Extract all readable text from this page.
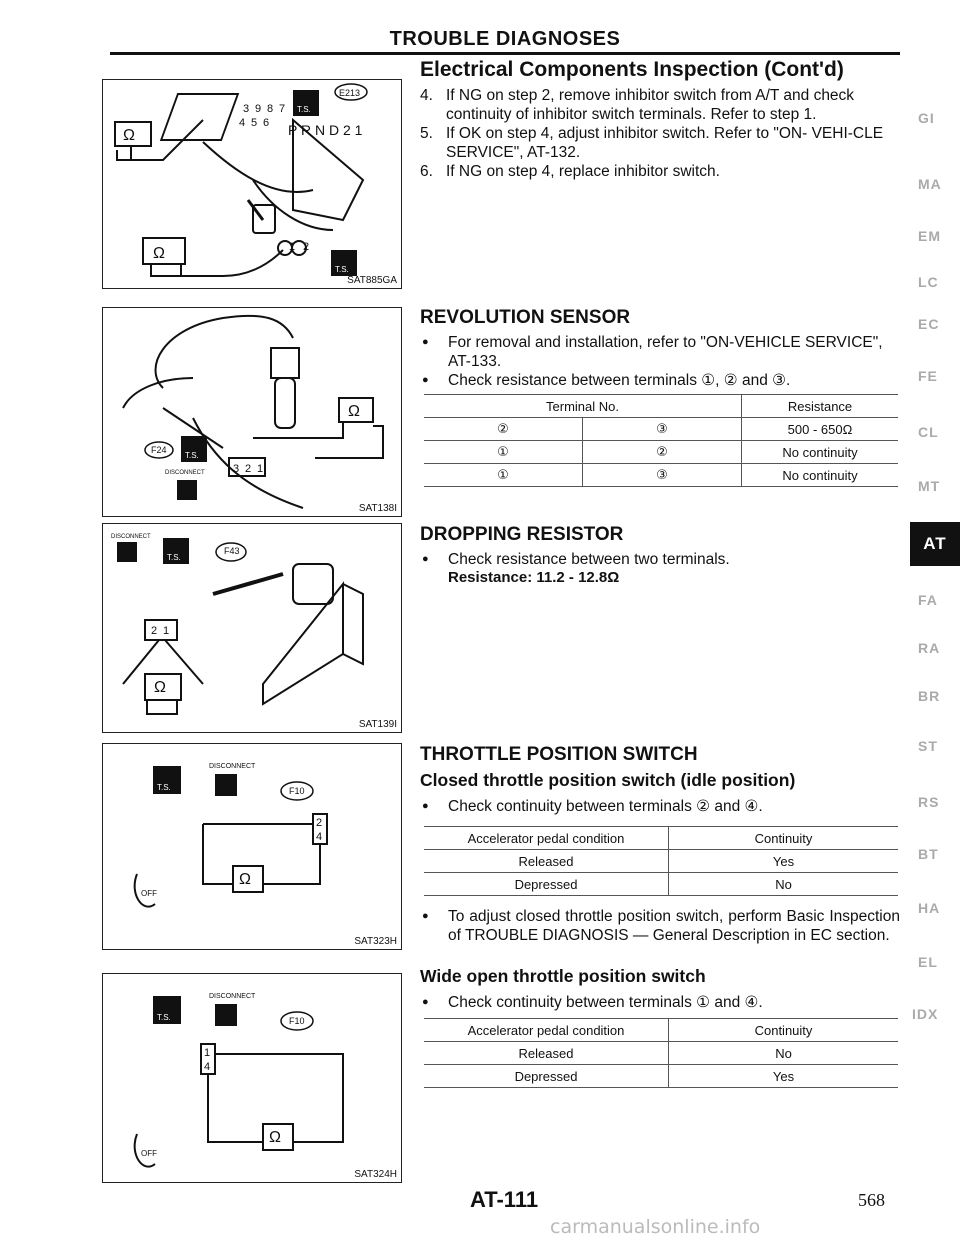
TROUBLE DIAGNOSES
Ω
Ω
3 9 8 7
4 5 6
1 2
P R N D 2 1
E213
T.S.
T.S.
SAT885GA
Ω
3 2 1
DISCONNECT
F24
T.S.
SAT138I
Ω
2 1
DISCONNECT
F43
T.S.
SAT139I
Ω
2
4
DISCONNECT
F10
OFF
T.S.
SAT323H
Ω
1
4
DISCONNECT
F10
OFF
T.S.
SAT324H
Electrical Components Inspection (Cont'd)
4. If NG on step 2, remove inhibitor switch from A/T and check continuity of inhibitor switch terminals. Refer to step 1.
5. If OK on step 4, adjust inhibitor switch. Refer to "ON- VEHI-CLE SERVICE", AT-132.
6. If NG on step 4, replace inhibitor switch.
REVOLUTION SENSOR
● For removal and installation, refer to "ON-VEHICLE SERVICE", AT-133.
● Check resistance between terminals ①, ② and ③.
Terminal No.		Resistance
②	③	500 - 650Ω
①	②	No continuity
①	③	No continuity
DROPPING RESISTOR
● Check resistance between two terminals.
Resistance: 11.2 - 12.8Ω
THROTTLE POSITION SWITCH
Closed throttle position switch (idle position)
● Check continuity between terminals ② and ④.
Accelerator pedal condition	Continuity
Released	Yes
Depressed	No
● To adjust closed throttle position switch, perform Basic Inspection of TROUBLE DIAGNOSIS — General Description in EC section.
Wide open throttle position switch
● Check continuity between terminals ① and ④.
Accelerator pedal condition	Continuity
Released	No
Depressed	Yes
GI
MA
EM
LC
EC
FE
CL
MT
AT
FA
RA
BR
ST
RS
BT
HA
EL
IDX
AT-111	568
carmanualsonline.info
